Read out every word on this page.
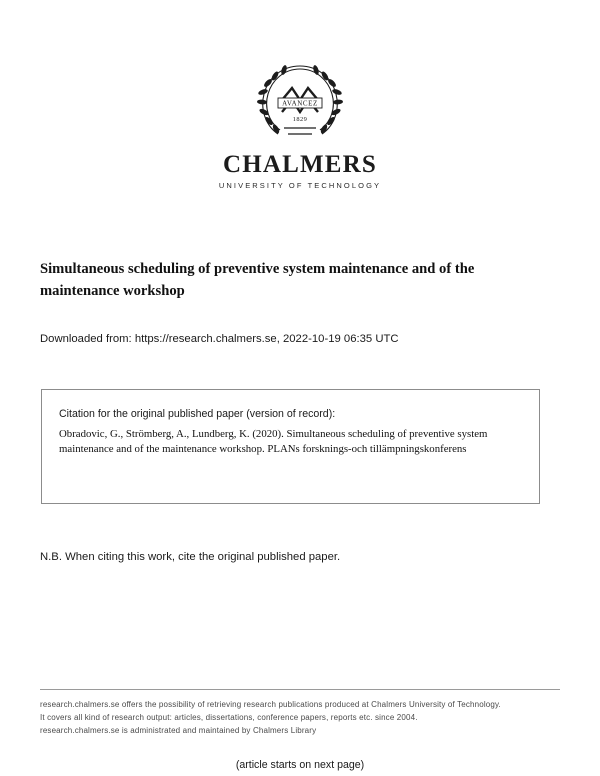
AVANCEZ
1829
CHALMERS
UNIVERSITY OF TECHNOLOGY
Simultaneous scheduling of preventive system maintenance and of the maintenance workshop
Downloaded from: https://research.chalmers.se, 2022-10-19 06:35 UTC
Citation for the original published paper (version of record):
Obradovic, G., Strömberg, A., Lundberg, K. (2020). Simultaneous scheduling of preventive system maintenance and of the maintenance workshop. PLANs forsknings-och tillämpningskonferens
N.B. When citing this work, cite the original published paper.
research.chalmers.se offers the possibility of retrieving research publications produced at Chalmers University of Technology.
It covers all kind of research output: articles, dissertations, conference papers, reports etc. since 2004.
research.chalmers.se is administrated and maintained by Chalmers Library
(article starts on next page)
